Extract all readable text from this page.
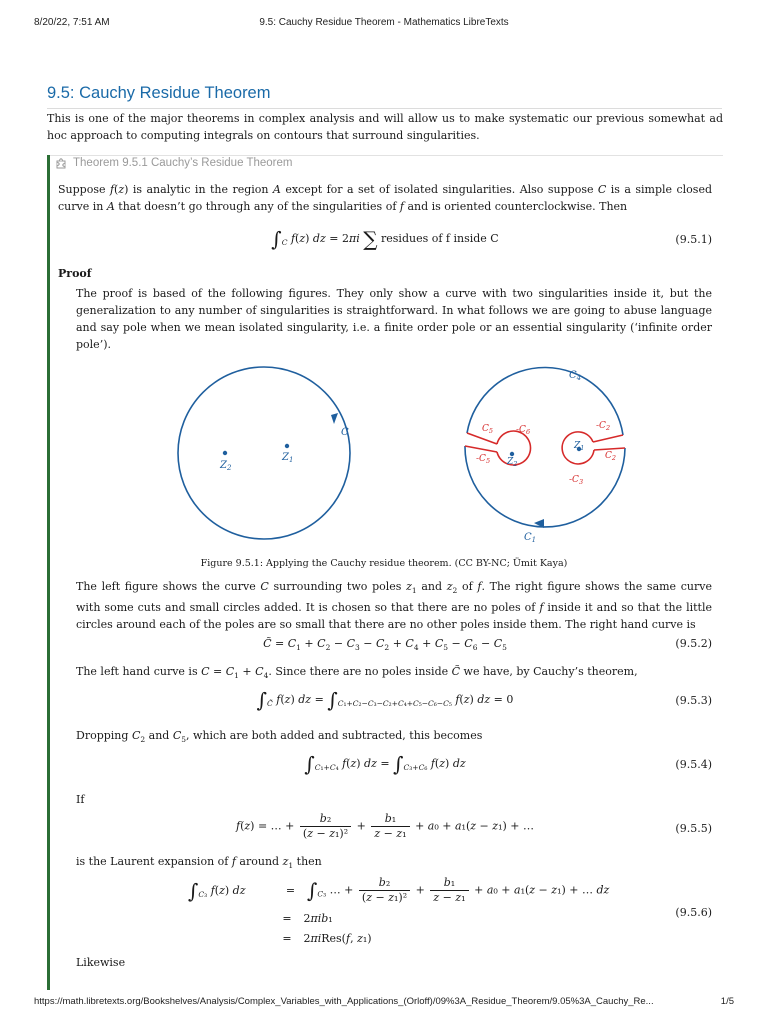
8/20/22, 7:51 AM	9.5: Cauchy Residue Theorem - Mathematics LibreTexts
9.5: Cauchy Residue Theorem
This is one of the major theorems in complex analysis and will allow us to make systematic our previous somewhat ad hoc approach to computing integrals on contours that surround singularities.
Theorem 9.5.1 Cauchy’s Residue Theorem
Suppose f(z) is analytic in the region A except for a set of isolated singularities. Also suppose C is a simple closed curve in A that doesn’t go through any of the singularities of f and is oriented counterclockwise. Then
$\int_C$ f(z) dz = 2πi ∑ residues of f inside C	(9.5.1)
Proof
The proof is based of the following figures. They only show a curve with two singularities inside it, but the generalization to any number of singularities is straightforward. In what follows we are going to abuse language and say pole when we mean isolated singularity, i.e. a finite order pole or an essential singularity (‘infinite order pole’).
C
$Z_2$
$Z_1$
$C_4$
$C_1$
$Z_2$
$C_5$	$-C_6$
$-C_5$
$Z_1$
$-C_2$
$C_2$
$-C_3$
Figure 9.5.1: Applying the Cauchy residue theorem. (CC BY-NC; Ümit Kaya)
The left figure shows the curve C surrounding two poles $z_1$ and $z_2$ of f. The right figure shows the same curve with some cuts and small circles added. It is chosen so that there are no poles of f inside it and so that the little circles around each of the poles are so small that there are no other poles inside them. The right hand curve is
C̃ = $C_1 + C_2 - C_3 - C_2 + C_4 + C_5 - C_6 - C_5$	(9.5.2)
The left hand curve is $C = C_1 + C_4$. Since there are no poles inside C̃ we have, by Cauchy’s theorem,
$\int_{C̃}$ f(z) dz = $\int_{C_1+C_2-C_3-C_2+C_4+C_5-C_6-C_5}$ f(z) dz = 0	(9.5.3)
Dropping $C_2$ and $C_5$, which are both added and subtracted, this becomes
$\int_{C_1+C_4}$ f(z) dz = $\int_{C_3+C_6}$ f(z) dz	(9.5.4)
If
f(z) = … + $\frac{\text{b₂}}{\text{(z − z₁)²}} + \frac{\text{b₁}}{\text{z − z₁}} + a_0 + a_1(z - z_1)$ + …	(9.5.5)
is the Laurent expansion of f around $z_1$ then
$\int_{C_3}$ f(z) dz	= $\int_{C_3}$ … + $\frac{\text{b₂}}{\text{(z − z₁)²}} + \frac{\text{b₁}}{\text{z − z₁}} + a_0 + a_1(z - z_1)$ + … dz
= 2πib₁
= 2πiRes(f, z₁)
(9.5.6)
Likewise
https://math.libretexts.org/Bookshelves/Analysis/Complex_Variables_with_Applications_(Orloff)/09%3A_Residue_Theorem/9.05%3A_Cauchy_Re...	1/5
